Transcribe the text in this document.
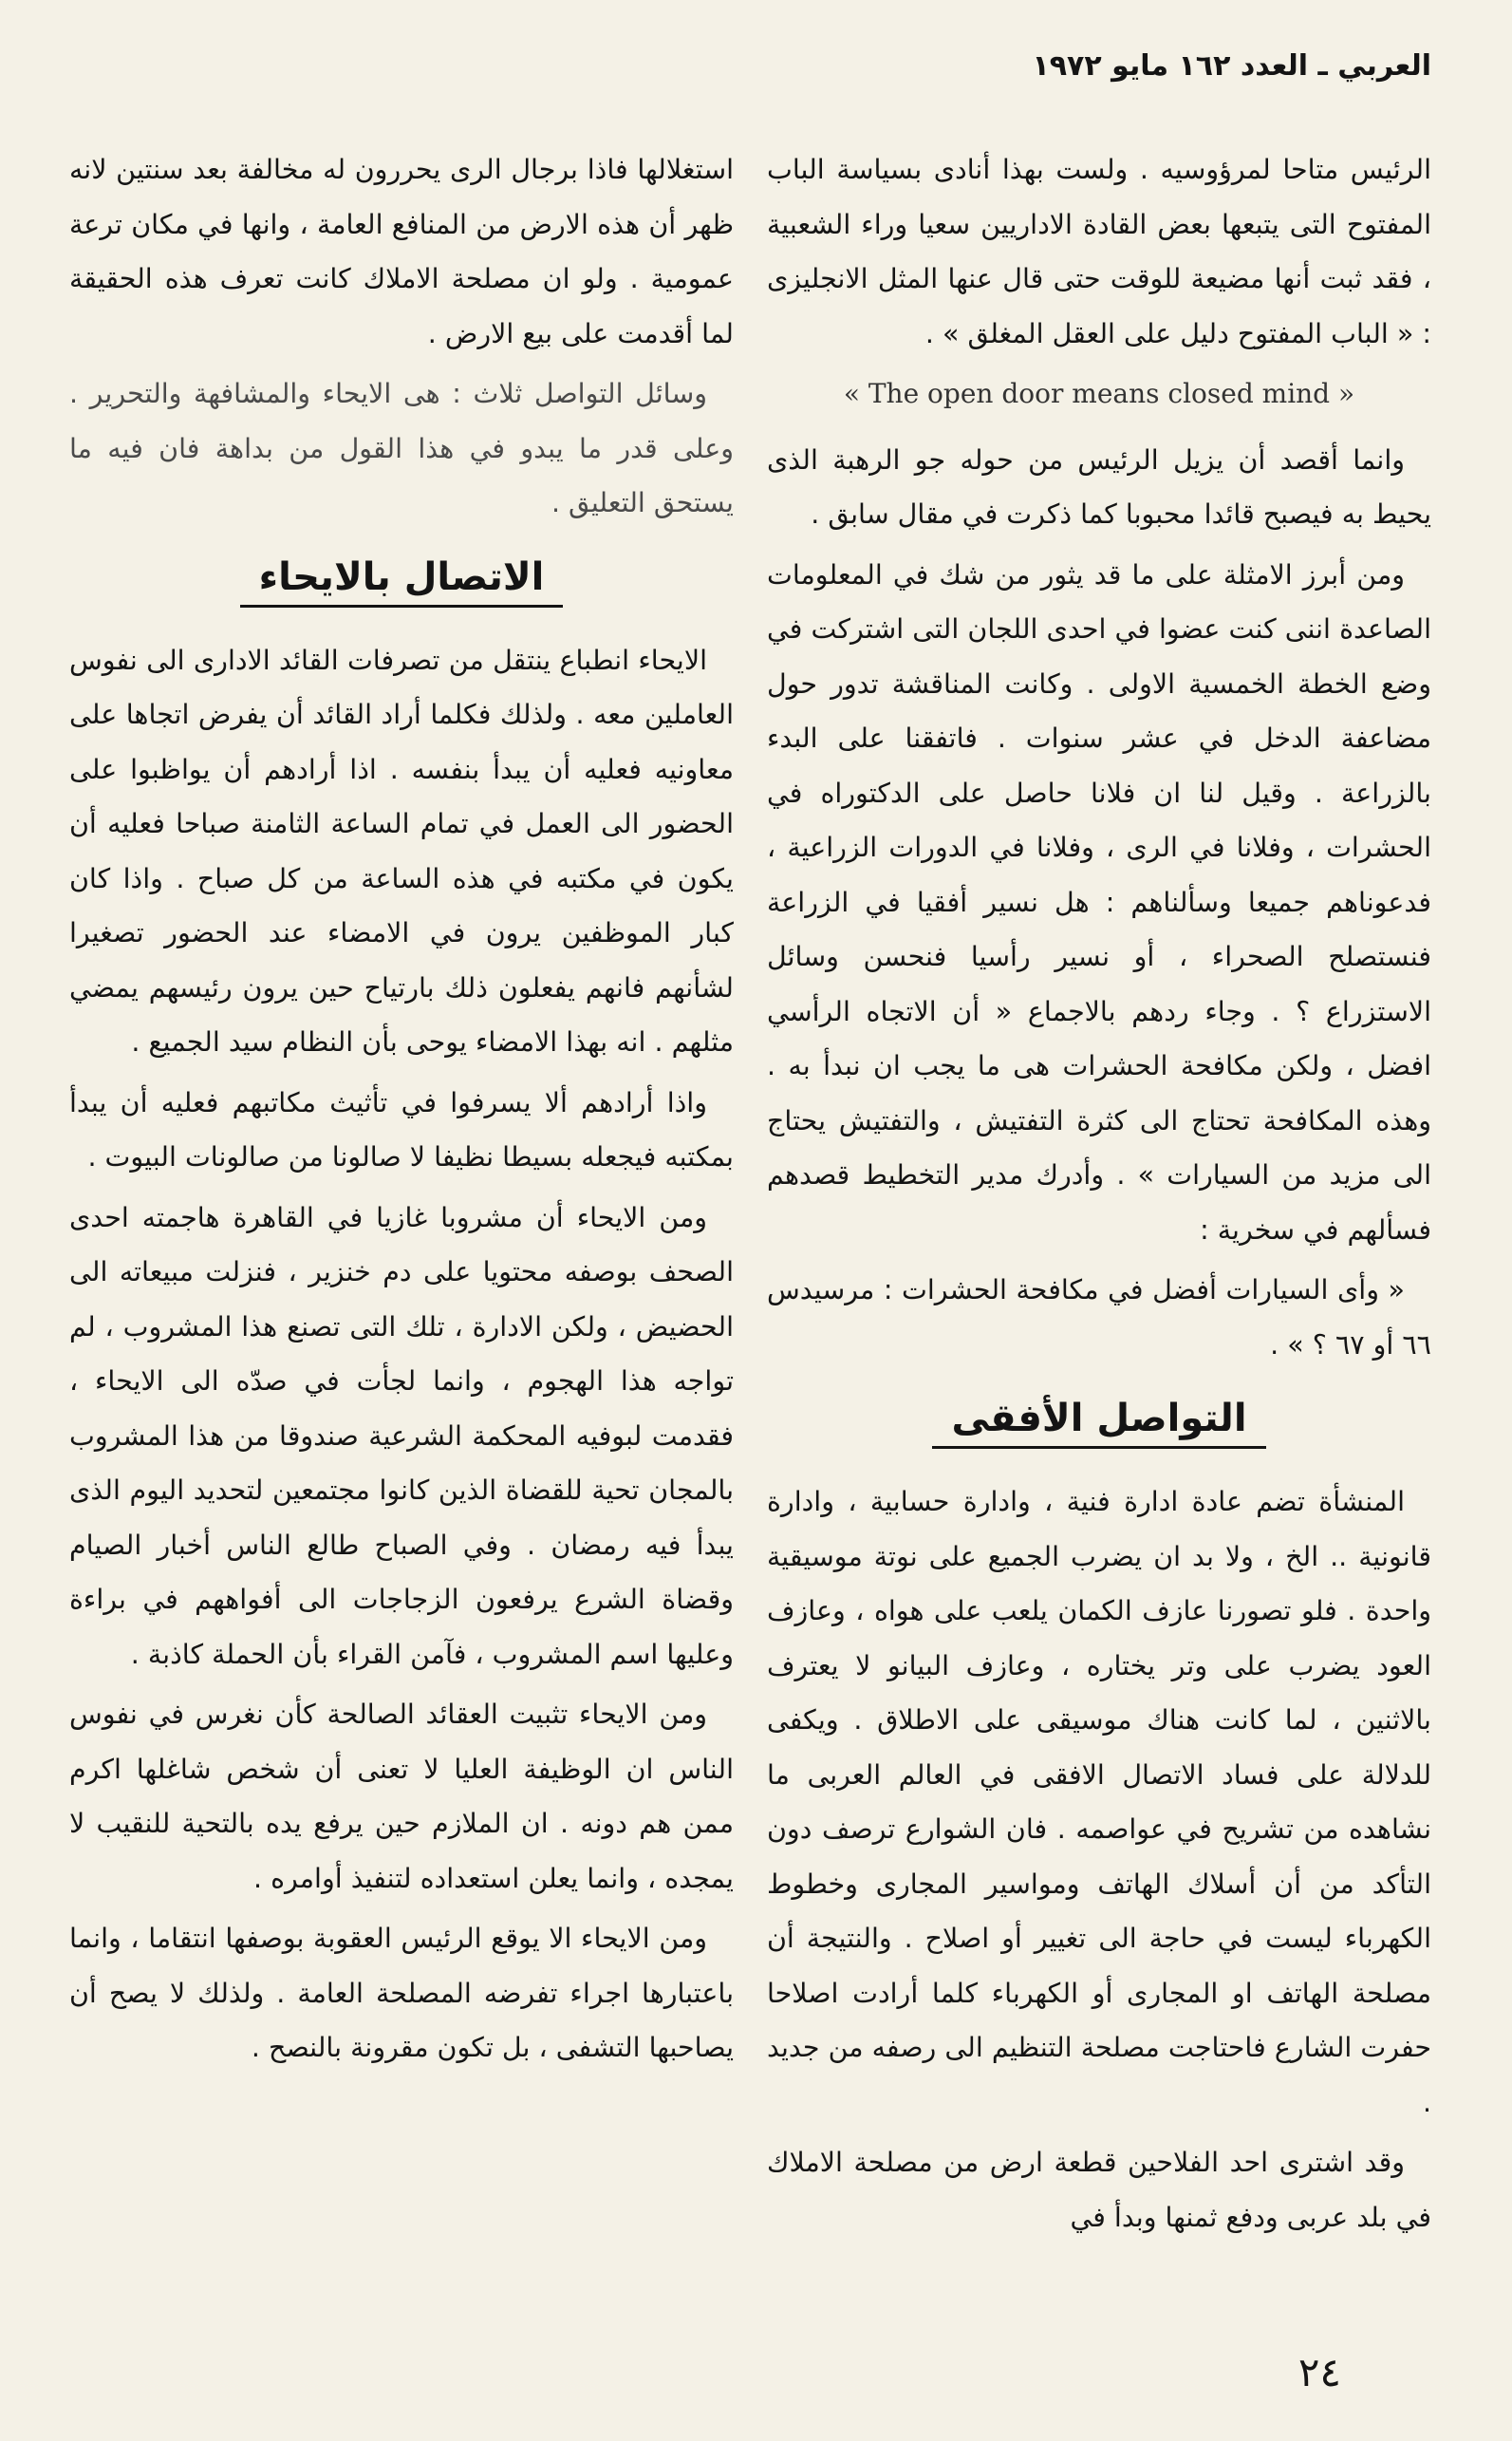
العربي ـ العدد ١٦٢ مايو ١٩٧٢

الرئيس متاحا لمرؤوسيه . ولست بهذا أنادى بسياسة الباب المفتوح التى يتبعها بعض القادة الاداريين سعيا وراء الشعبية ، فقد ثبت أنها مضيعة للوقت حتى قال عنها المثل الانجليزى : « الباب المفتوح دليل على العقل المغلق » .

« The open door means closed mind »

وانما أقصد أن يزيل الرئيس من حوله جو الرهبة الذى يحيط به فيصبح قائدا محبوبا كما ذكرت في مقال سابق .

ومن أبرز الامثلة على ما قد يثور من شك في المعلومات الصاعدة اننى كنت عضوا في احدى اللجان التى اشتركت في وضع الخطة الخمسية الاولى . وكانت المناقشة تدور حول مضاعفة الدخل في عشر سنوات . فاتفقنا على البدء بالزراعة . وقيل لنا ان فلانا حاصل على الدكتوراه في الحشرات ، وفلانا في الرى ، وفلانا في الدورات الزراعية ، فدعوناهم جميعا وسألناهم : هل نسير أفقيا في الزراعة فنستصلح الصحراء ، أو نسير رأسيا فنحسن وسائل الاستزراع ؟ . وجاء ردهم بالاجماع « أن الاتجاه الرأسي افضل ، ولكن مكافحة الحشرات هى ما يجب ان نبدأ به . وهذه المكافحة تحتاج الى كثرة التفتيش ، والتفتيش يحتاج الى مزيد من السيارات » . وأدرك مدير التخطيط قصدهم فسألهم في سخرية :

« وأى السيارات أفضل في مكافحة الحشرات : مرسيدس ٦٦ أو ٦٧ ؟ » .

التواصل الأفقى

المنشأة تضم عادة ادارة فنية ، وادارة حسابية ، وادارة قانونية .. الخ ، ولا بد ان يضرب الجميع على نوتة موسيقية واحدة . فلو تصورنا عازف الكمان يلعب على هواه ، وعازف العود يضرب على وتر يختاره ، وعازف البيانو لا يعترف بالاثنين ، لما كانت هناك موسيقى على الاطلاق . ويكفى للدلالة على فساد الاتصال الافقى في العالم العربى ما نشاهده من تشريح في عواصمه . فان الشوارع ترصف دون التأكد من أن أسلاك الهاتف ومواسير المجارى وخطوط الكهرباء ليست في حاجة الى تغيير أو اصلاح . والنتيجة أن مصلحة الهاتف او المجارى أو الكهرباء كلما أرادت اصلاحا حفرت الشارع فاحتاجت مصلحة التنظيم الى رصفه من جديد .

وقد اشترى احد الفلاحين قطعة ارض من مصلحة الاملاك في بلد عربى ودفع ثمنها وبدأ في

استغلالها فاذا برجال الرى يحررون له مخالفة بعد سنتين لانه ظهر أن هذه الارض من المنافع العامة ، وانها في مكان ترعة عمومية . ولو ان مصلحة الاملاك كانت تعرف هذه الحقيقة لما أقدمت على بيع الارض .

وسائل التواصل ثلاث : هى الايحاء والمشافهة والتحرير . وعلى قدر ما يبدو في هذا القول من بداهة فان فيه ما يستحق التعليق .

الاتصال بالايحاء

الايحاء انطباع ينتقل من تصرفات القائد الادارى الى نفوس العاملين معه . ولذلك فكلما أراد القائد أن يفرض اتجاها على معاونيه فعليه أن يبدأ بنفسه . اذا أرادهم أن يواظبوا على الحضور الى العمل في تمام الساعة الثامنة صباحا فعليه أن يكون في مكتبه في هذه الساعة من كل صباح . واذا كان كبار الموظفين يرون في الامضاء عند الحضور تصغيرا لشأنهم فانهم يفعلون ذلك بارتياح حين يرون رئيسهم يمضي مثلهم . انه بهذا الامضاء يوحى بأن النظام سيد الجميع .

واذا أرادهم ألا يسرفوا في تأثيث مكاتبهم فعليه أن يبدأ بمكتبه فيجعله بسيطا نظيفا لا صالونا من صالونات البيوت .

ومن الايحاء أن مشروبا غازيا في القاهرة هاجمته احدى الصحف بوصفه محتويا على دم خنزير ، فنزلت مبيعاته الى الحضيض ، ولكن الادارة ، تلك التى تصنع هذا المشروب ، لم تواجه هذا الهجوم ، وانما لجأت في صدّه الى الايحاء ، فقدمت لبوفيه المحكمة الشرعية صندوقا من هذا المشروب بالمجان تحية للقضاة الذين كانوا مجتمعين لتحديد اليوم الذى يبدأ فيه رمضان . وفي الصباح طالع الناس أخبار الصيام وقضاة الشرع يرفعون الزجاجات الى أفواههم في براءة وعليها اسم المشروب ، فآمن القراء بأن الحملة كاذبة .

ومن الايحاء تثبيت العقائد الصالحة كأن نغرس في نفوس الناس ان الوظيفة العليا لا تعنى أن شخص شاغلها اكرم ممن هم دونه . ان الملازم حين يرفع يده بالتحية للنقيب لا يمجده ، وانما يعلن استعداده لتنفيذ أوامره .

ومن الايحاء الا يوقع الرئيس العقوبة بوصفها انتقاما ، وانما باعتبارها اجراء تفرضه المصلحة العامة . ولذلك لا يصح أن يصاحبها التشفى ، بل تكون مقرونة بالنصح .

٢٤
